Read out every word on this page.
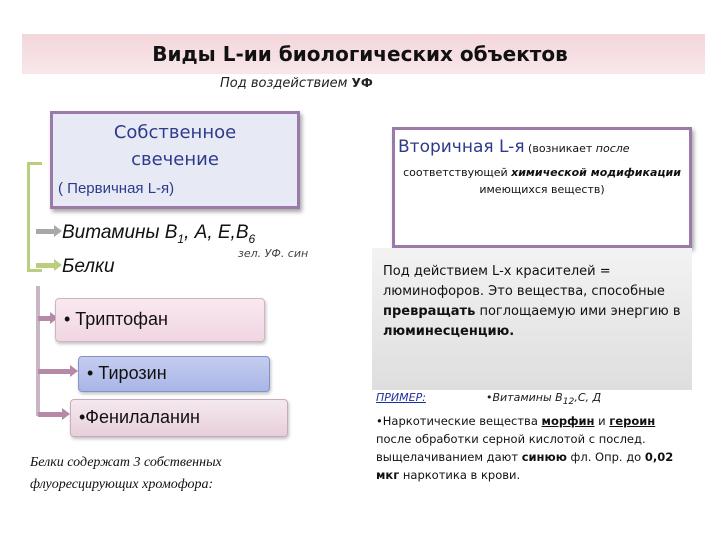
Виды L-ии биологических объектов
Под воздействием УФ
Собственное
свечение
( Первичная L-я)
Витамины $В_1$, А, $Е,В_6$
зел. УФ. син
Белки
• Триптофан
• Тирозин
•Фенилаланин
Белки содержат 3 собственных флуоресцирующих хромофора:
Вторичная L-я (возникает после
соответствующей химической модификации имеющихся веществ)
Под действием L-х красителей = люминофоров. Это вещества, способные превращать поглощаемую ими энергию в люминесценцию.
ПРИМЕР:	•Витамины $В_{12},С$, Д
•Наркотические вещества морфин и героин после обработки серной кислотой с послед. выщелачиванием дают синюю фл. Опр. до 0,02 мкг наркотика в крови.
